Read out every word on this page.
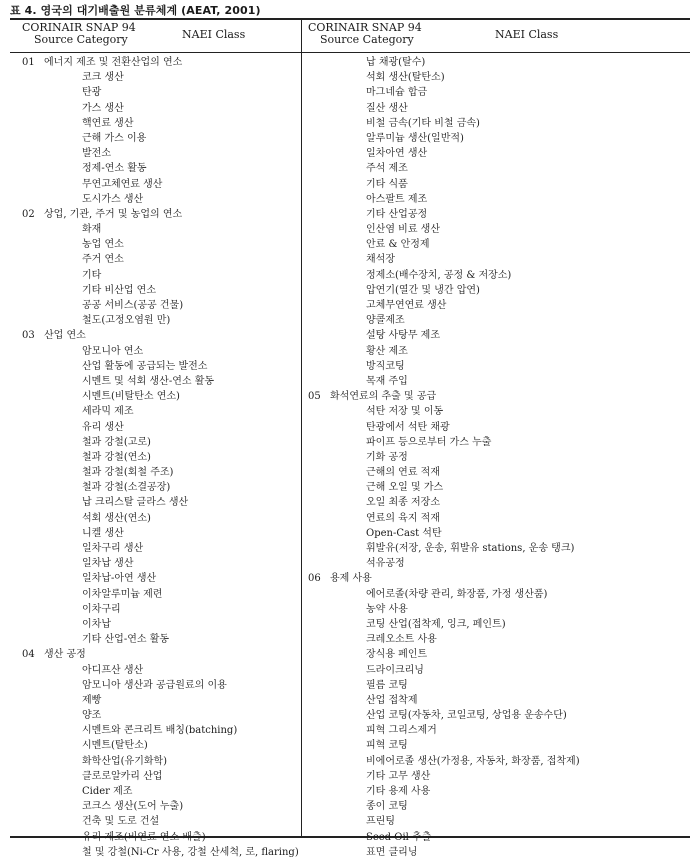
표 4. 영국의 대기배출원 분류체계 (AEAT, 2001)
CORINAIR SNAP 94
Source Category	NAEI Class
CORINAIR SNAP 94
Source Category	NAEI Class
01 에너지 제조 및 전환산업의 연소
코크 생산
탄광
가스 생산
핵연료 생산
근해 가스 이용
발전소
정제-연소 활동
무연고체연료 생산
도시가스 생산
02 상업, 기관, 주거 및 농업의 연소
화재
농업 연소
주거 연소
기타
기타 비산업 연소
공공 서비스(공공 건물)
철도(고정오염원 만)
03 산업 연소
암모니아 연소
산업 활동에 공급되는 발전소
시멘트 및 석회 생산-연소 활동
시멘트(비탈탄소 연소)
세라믹 제조
유리 생산
철과 강철(고로)
철과 강철(연소)
철과 강철(회철 주조)
철과 강철(소결공장)
납 크리스탈 글라스 생산
석회 생산(연소)
니켈 생산
일차구리 생산
일차납 생산
일차납-아연 생산
이차알루미늄 제련
이차구리
이차납
기타 산업-연소 활동
04 생산 공정
아디프산 생산
암모니아 생산과 공급원료의 이용
제빵
양조
시멘트와 콘크리트 배칭(batching)
시멘트(탈탄소)
화학산업(유기화학)
클로로알카리 산업
Cider 제조
코크스 생산(도어 누출)
건축 및 도로 건설
유리 제조(비연료 연소 배출)
철 및 강철(Ni-Cr 사용, 강철 산세척, 로, flaring)
납 채광(탈수)
석회 생산(탈탄소)
마그네슘 합금
질산 생산
비철 금속(기타 비철 금속)
알루미늄 생산(일반적)
일차아연 생산
주석 제조
기타 식품
아스팔트 제조
기타 산업공정
인산염 비료 생산
안료 & 안정제
채석장
정제소(배수장치, 공정 & 저장소)
압연기(열간 및 냉간 압연)
고체무연연료 생산
양콜제조
설탕 사탕무 제조
황산 제조
방직코팅
목재 주입
05 화석연료의 추출 및 공급
석탄 저장 및 이동
탄광에서 석탄 채광
파이프 등으로부터 가스 누출
기화 공정
근해의 연료 적재
근해 오일 및 가스
오일 최종 저장소
연료의 육지 적재
Open-Cast 석탄
휘발유(저장, 운송, 휘발유 stations, 운송 탱크)
석유공정
06 용제 사용
에어로졸(차량 관리, 화장품, 가정 생산품)
농약 사용
코팅 산업(접착제, 잉크, 페인트)
크레오소트 사용
장식용 페인트
드라이크리닝
필름 코팅
산업 접착제
산업 코팅(자동차, 코일코팅, 상업용 운송수단)
피혁 그리스제거
피혁 코팅
비에어로졸 생산(가정용, 자동차, 화장품, 접착제)
기타 고무 생산
기타 용제 사용
종이 코팅
프린팅
Seed Oil 추출
표면 클리닝
